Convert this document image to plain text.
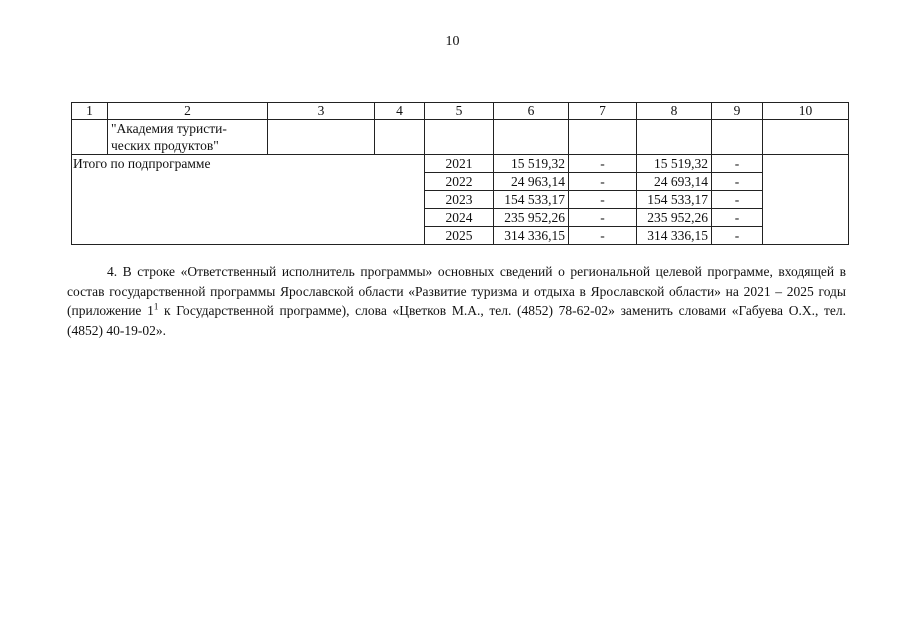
10
1	2	3	4	5	6	7	8	9	10

	"Академия туристи-
ческих продуктов"								

Итого по подпрограмме				2021	15 519,32	-	15 519,32	-	
				2022	24 963,14	-	24 693,14	-	
				2023	154 533,17	-	154 533,17	-	
				2024	235 952,26	-	235 952,26	-	
				2025	314 336,15	-	314 336,15	-	

4. В строке «Ответственный исполнитель программы» основных сведений о региональной целевой программе, входящей в состав государственной программы Ярославской области «Развитие туризма и отдыха в Ярославской области» на 2021 – 2025 годы (приложение $1^1$ к Государственной программе), слова «Цветков М.А., тел. (4852) 78-62-02» заменить словами «Габуева О.Х., тел. (4852) 40-19-02».
